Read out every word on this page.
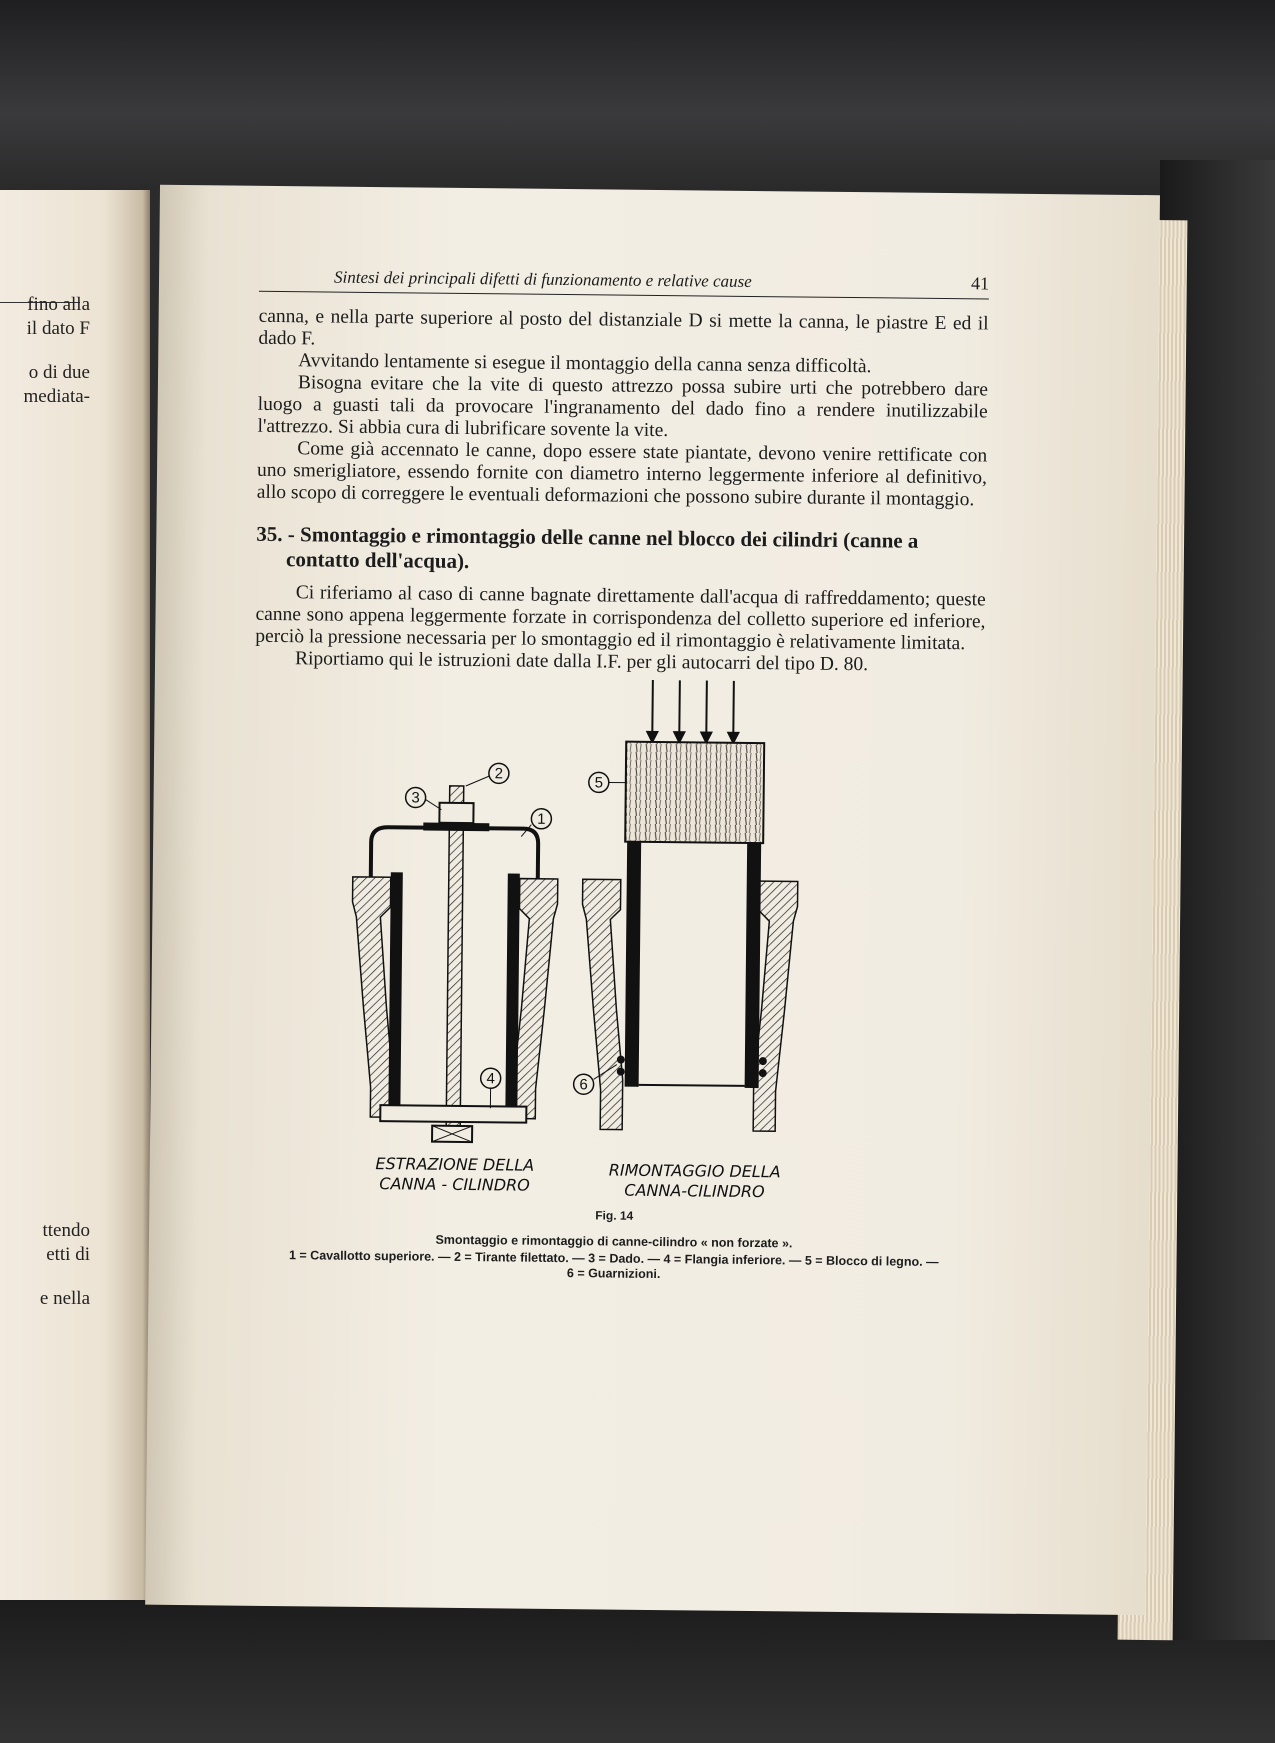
fino alla
il dato F
o di due
mediata-
ttendo
etti di
e nella
Sintesi dei principali difetti di funzionamento e relative cause	41

canna, e nella parte superiore al posto del distanziale D si mette la canna, le piastre E ed il dado F.

Avvitando lentamente si esegue il montaggio della canna senza difficoltà.

Bisogna evitare che la vite di questo attrezzo possa subire urti che potrebbero dare luogo a guasti tali da provocare l'ingranamento del dado fino a rendere inutilizzabile l'attrezzo. Si abbia cura di lubrificare sovente la vite.

Come già accennato le canne, dopo essere state piantate, devono venire rettificate con uno smerigliatore, essendo fornite con diametro interno leggermente inferiore al definitivo, allo scopo di correggere le eventuali deformazioni che possono subire durante il montaggio.

35. - Smontaggio e rimontaggio delle canne nel blocco dei cilindri (canne a contatto dell'acqua).

Ci riferiamo al caso di canne bagnate direttamente dall'acqua di raffreddamento; queste canne sono appena leggermente forzate in corrispondenza del colletto superiore ed inferiore, perciò la pressione necessaria per lo smontaggio ed il rimontaggio è relativamente limitata.

Riportiamo qui le istruzioni date dalla I.F. per gli autocarri del tipo D. 80.

1
2
3
4
5
6
ESTRAZIONE DELLA
CANNA - CILINDRO
RIMONTAGGIO DELLA
CANNA-CILINDRO
Fig. 14
Smontaggio e rimontaggio di canne-cilindro « non forzate ».
1 = Cavallotto superiore. — 2 = Tirante filettato. — 3 = Dado. — 4 = Flangia inferiore. — 5 = Blocco di legno. — 6 = Guarnizioni.
